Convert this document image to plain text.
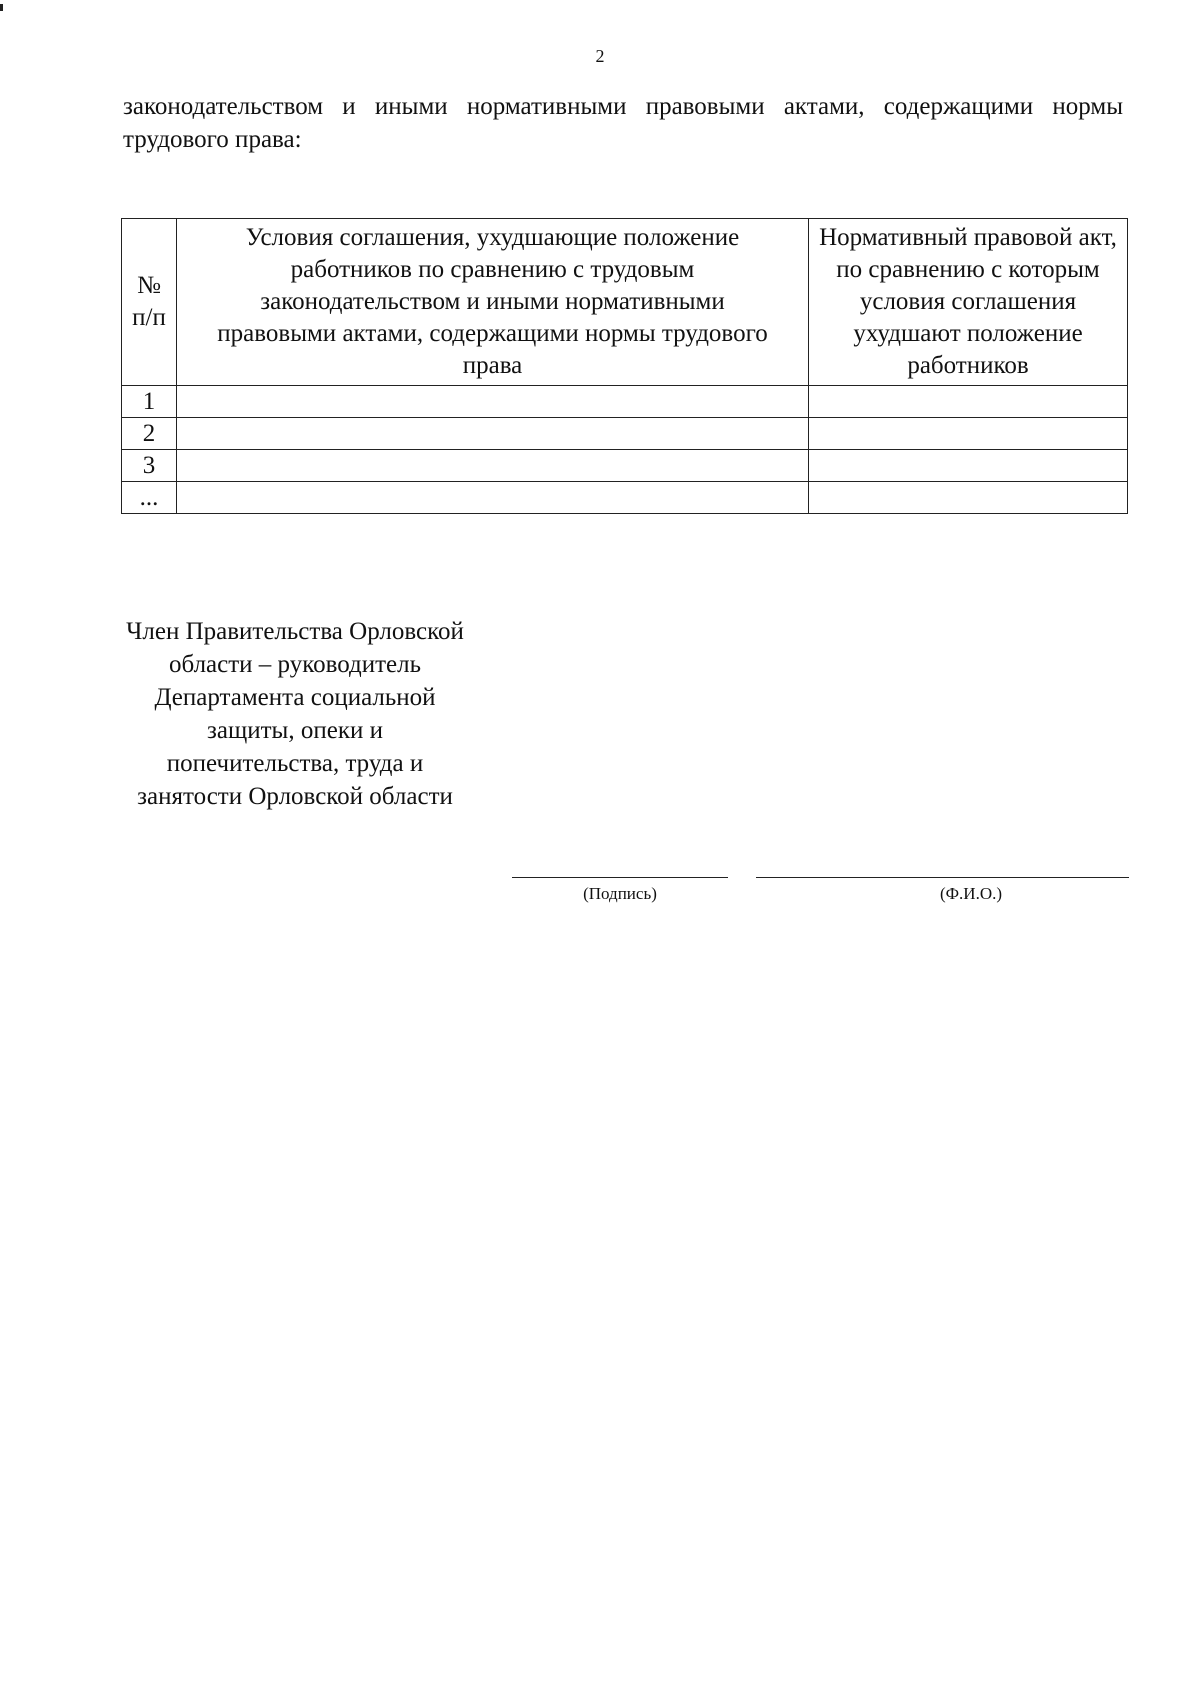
2
законодательством и иными нормативными правовыми актами, содержащими нормы трудового права:
№ п/п	Условия соглашения, ухудшающие положение работников по сравнению с трудовым законодательством и иными нормативными правовыми актами, содержащими нормы трудового права	Нормативный правовой акт, по сравнению с которым условия соглашения ухудшают положение работников
1		
2		
3		
...		
Член Правительства Орловской области – руководитель Департамента социальной защиты, опеки и попечительства, труда и занятости Орловской области
(Подпись)	(Ф.И.О.)
